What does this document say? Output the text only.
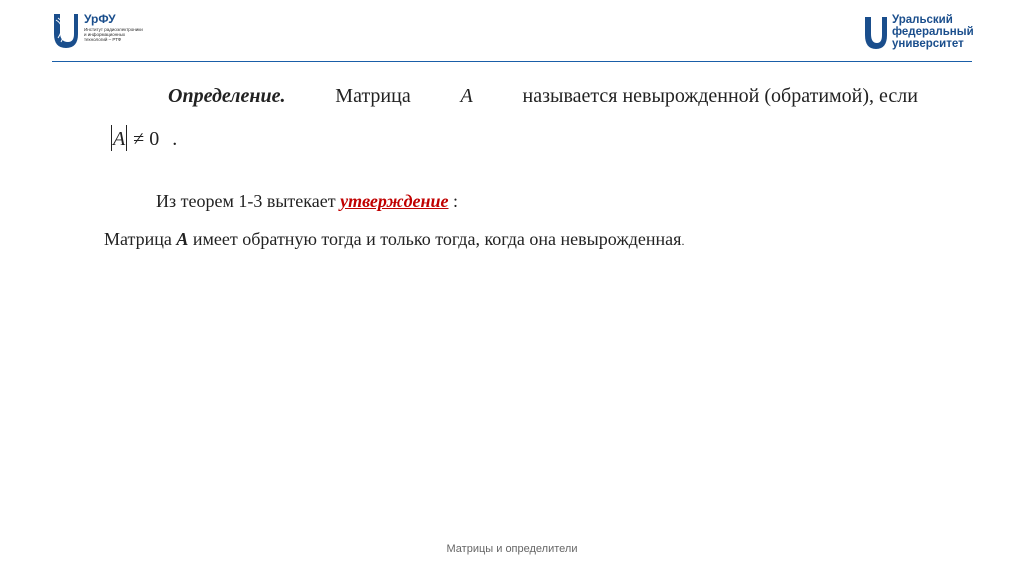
УрФУ
Институт радиоэлектроники и информационных технологий – РТФ
Уральский
федеральный
университет
Определение. Матрица A называется невырожденной (обратимой), если
A ≠ 0 .
Из теорем 1-3 вытекает утверждение :
Матрица A имеет обратную тогда и только тогда, когда она невырожденная.
Матрицы и определители
